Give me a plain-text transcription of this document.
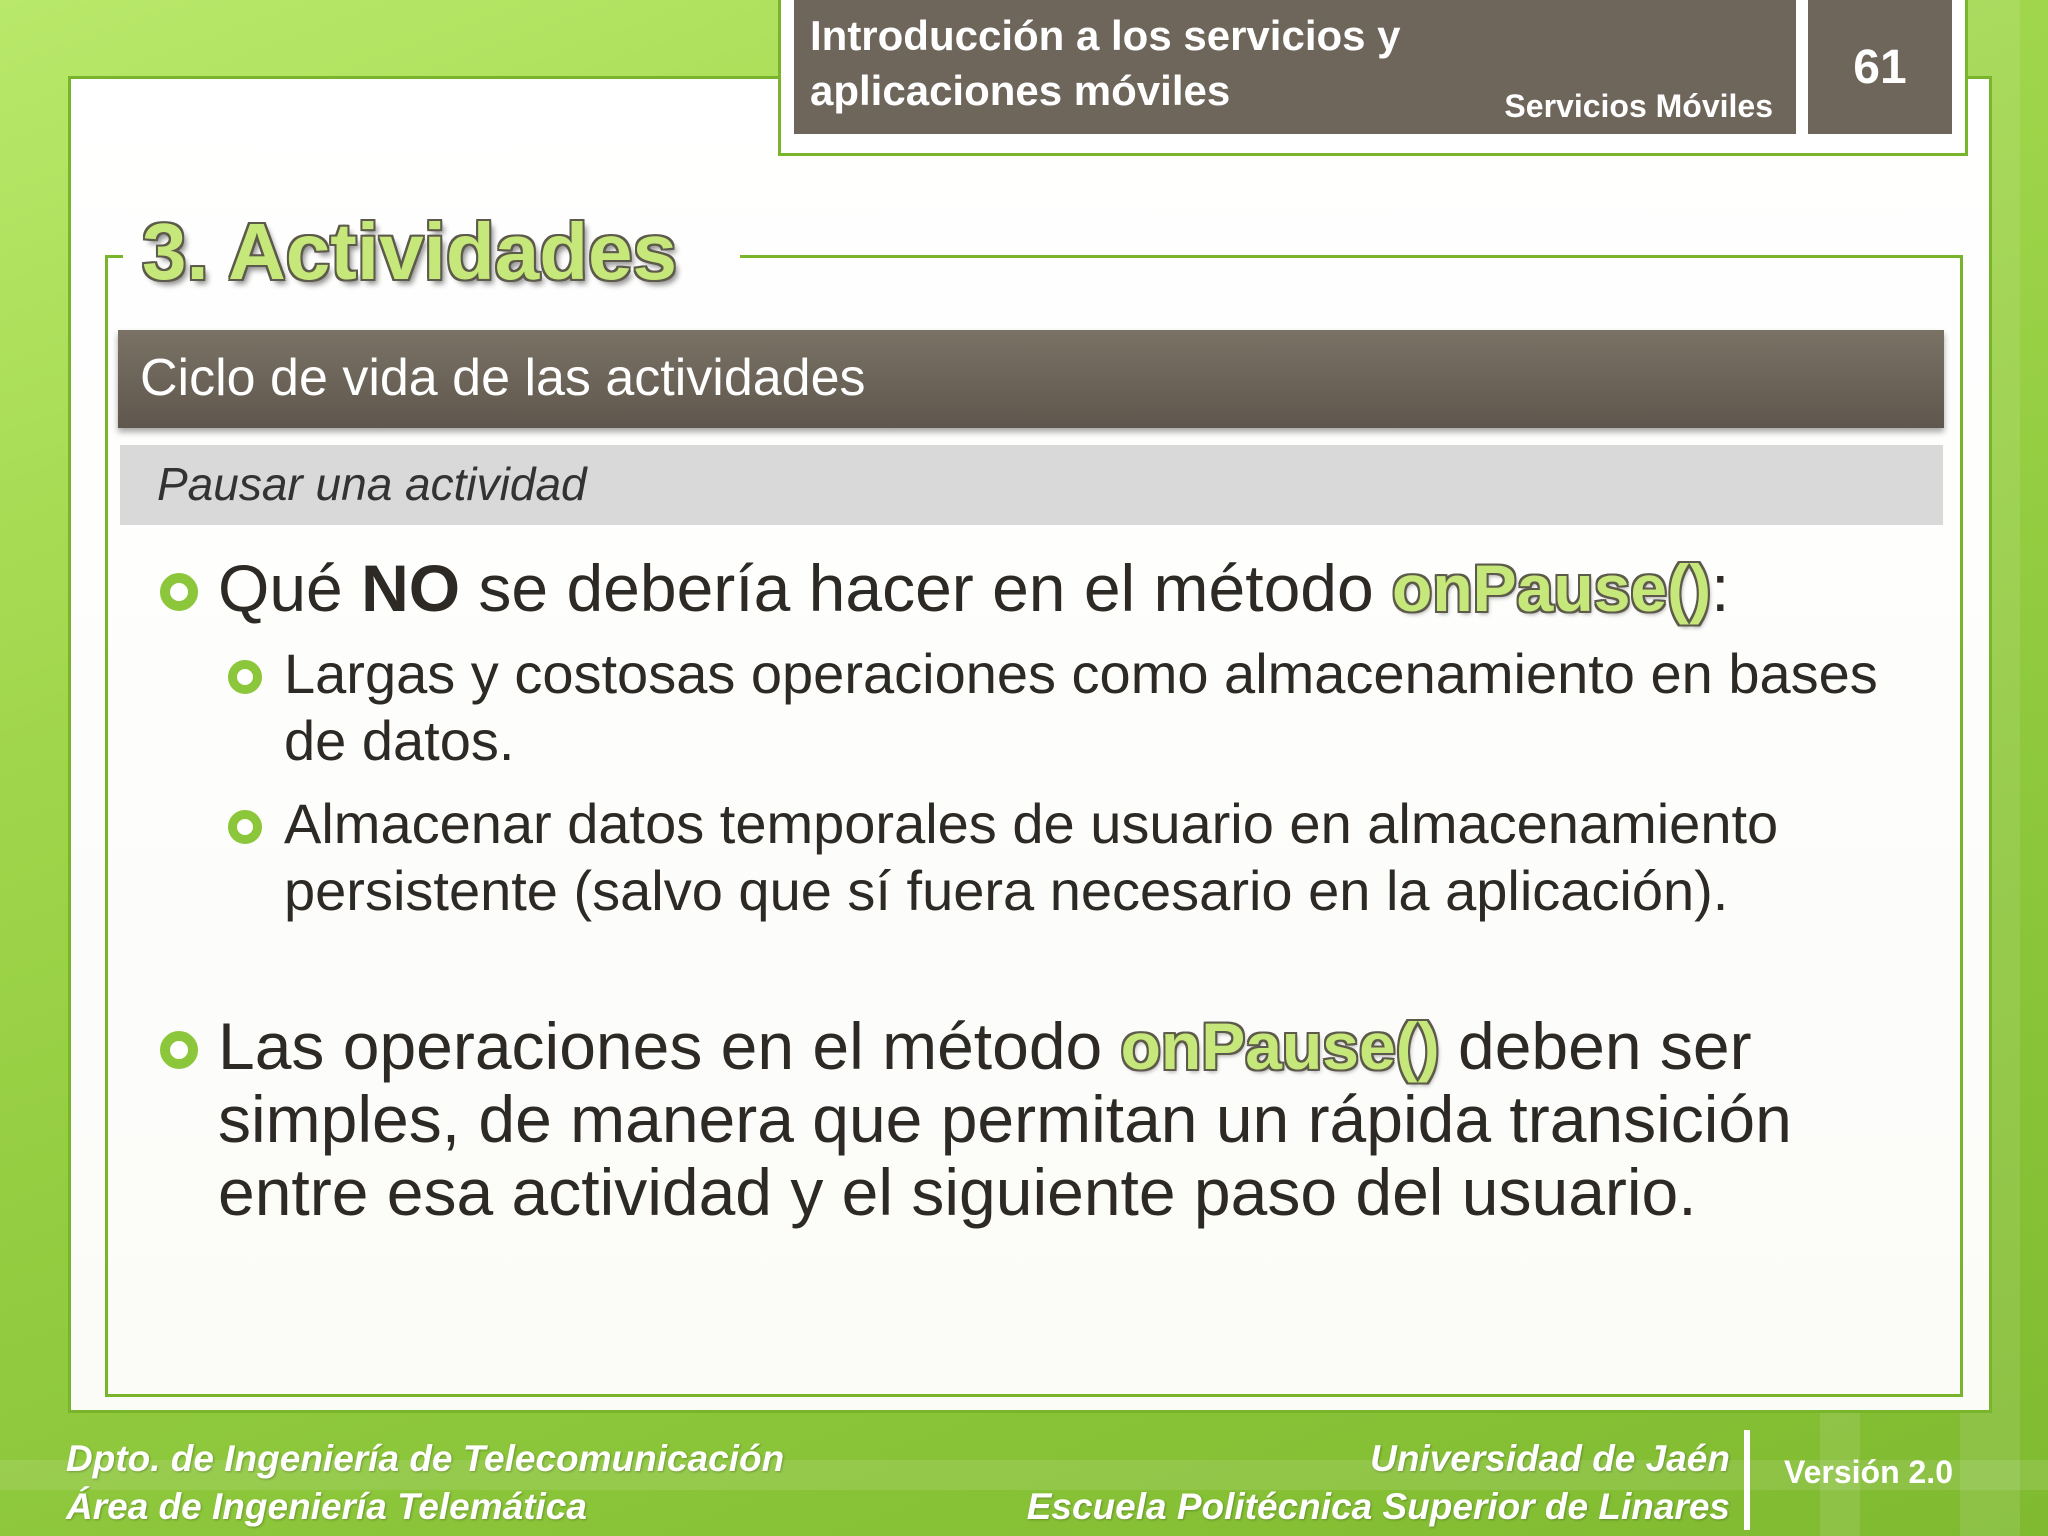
Introducción a los servicios y aplicaciones móviles	Servicios Móviles
61
3. Actividades
Ciclo de vida de las actividades
Pausar una actividad
Qué NO se debería hacer en el método onPause():
Largas y costosas operaciones como almacenamiento en bases de datos.
Almacenar datos temporales de usuario en almacenamiento persistente (salvo que sí fuera necesario en la aplicación).
Las operaciones en el método onPause() deben ser simples, de manera que permitan un rápida transición entre esa actividad y el siguiente paso del usuario.
Dpto. de Ingeniería de Telecomunicación
Área de Ingeniería Telemática
Universidad de Jaén
Escuela Politécnica Superior de Linares
Versión 2.0
